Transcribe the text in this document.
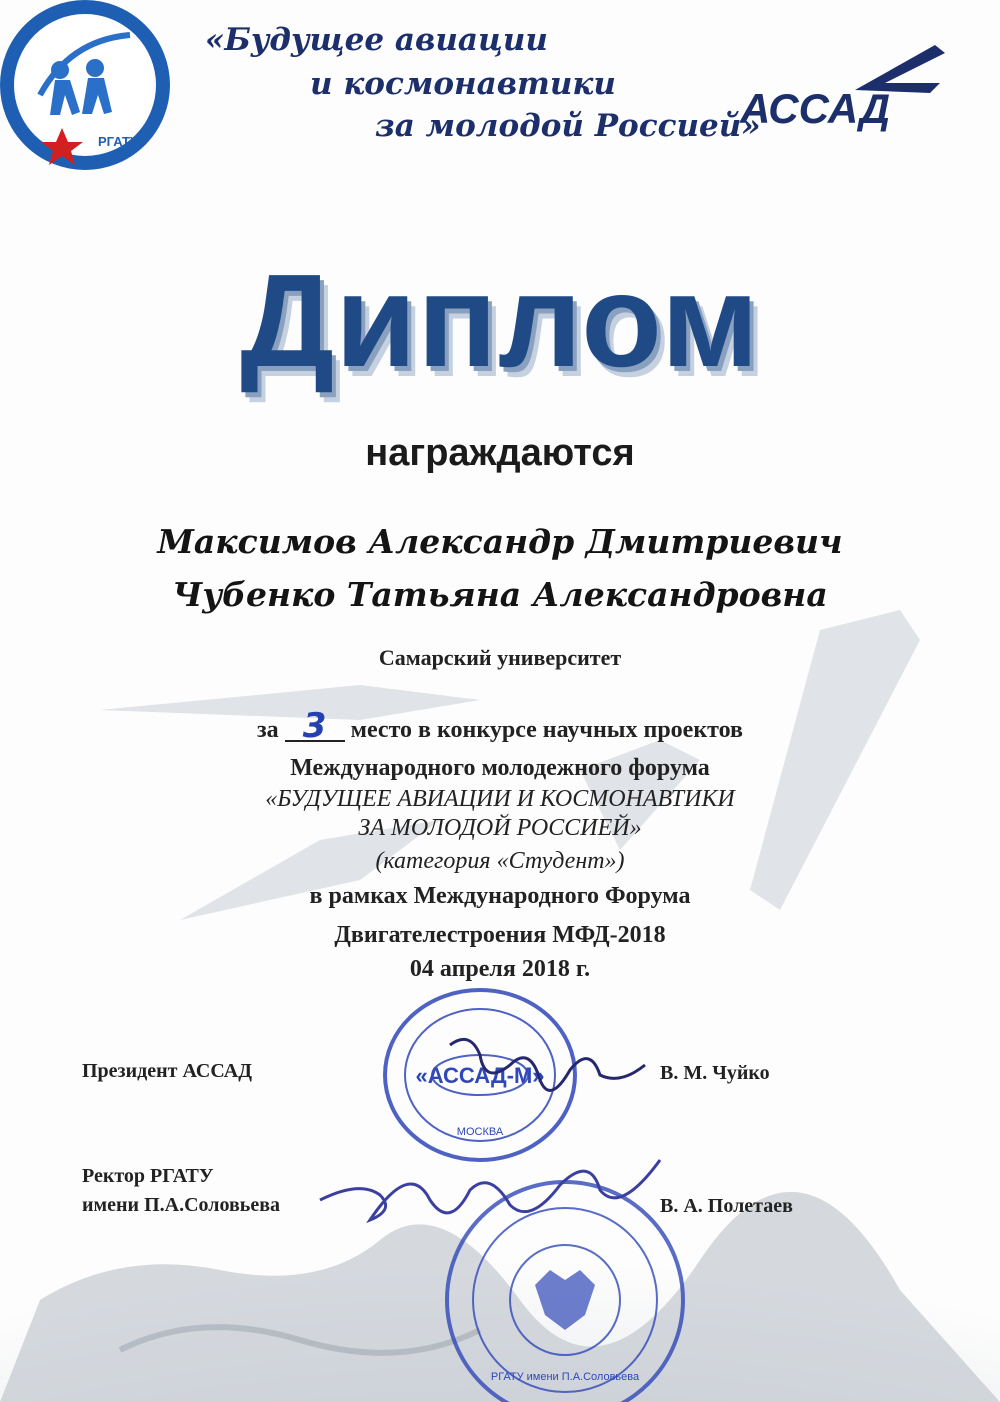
РГАТУ
АССАД
«Будущее авиации
и космонавтики
за молодой Россией»
Диплом
награждаются
Максимов Александр Дмитриевич
Чубенко Татьяна Александровна
Самарский университет
за 3 место в конкурсе научных проектов
Международного молодежного форума
«БУДУЩЕЕ АВИАЦИИ И КОСМОНАВТИКИ
ЗА МОЛОДОЙ РОССИЕЙ»
(категория «Студент»)
в рамках Международного Форума
Двигателестроения МФД-2018
04 апреля 2018 г.
«АССАД-М»
МОСКВА
Президент АССАД	В. М. Чуйко
РГАТУ имени П.А.Соловьева
Ректор РГАТУ
имени П.А.Соловьева	В. А. Полетаев
